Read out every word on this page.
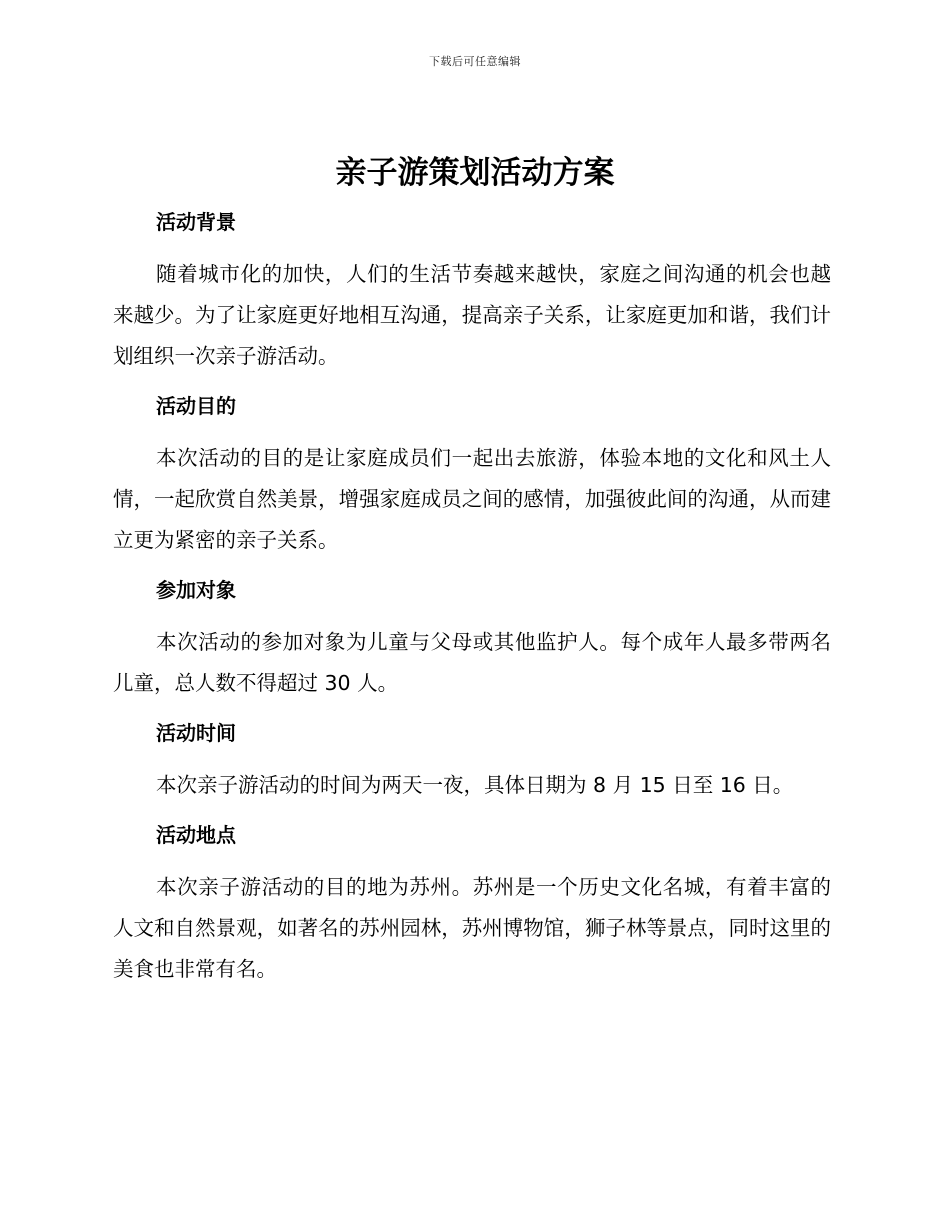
下载后可任意编辑
亲子游策划活动方案
活动背景

随着城市化的加快，人们的生活节奏越来越快，家庭之间沟通的机会也越来越少。为了让家庭更好地相互沟通，提高亲子关系，让家庭更加和谐，我们计划组织一次亲子游活动。

活动目的

本次活动的目的是让家庭成员们一起出去旅游，体验本地的文化和风土人情，一起欣赏自然美景，增强家庭成员之间的感情，加强彼此间的沟通，从而建立更为紧密的亲子关系。

参加对象

本次活动的参加对象为儿童与父母或其他监护人。每个成年人最多带两名儿童，总人数不得超过 30 人。

活动时间

本次亲子游活动的时间为两天一夜，具体日期为 8 月 15 日至 16 日。

活动地点

本次亲子游活动的目的地为苏州。苏州是一个历史文化名城，有着丰富的人文和自然景观，如著名的苏州园林，苏州博物馆，狮子林等景点，同时这里的美食也非常有名。
